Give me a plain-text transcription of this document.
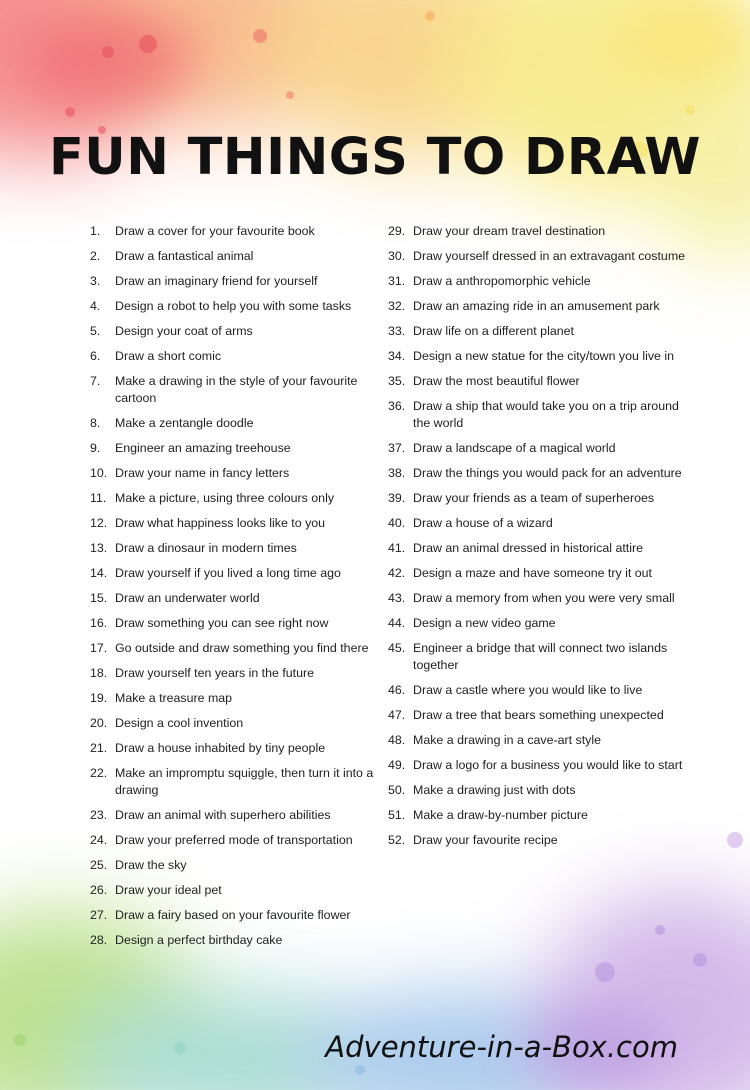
FUN THINGS TO DRAW
1.	Draw a cover for your favourite book
2.	Draw a fantastical animal
3.	Draw an imaginary friend for yourself
4.	Design a robot to help you with some tasks
5.	Design your coat of arms
6.	Draw a short comic
7.	Make a drawing in the style of your favourite cartoon
8.	Make a zentangle doodle
9.	Engineer an amazing treehouse
10. Draw your name in fancy letters
11. Make a picture, using three colours only
12. Draw what happiness looks like to you
13. Draw a dinosaur in modern times
14. Draw yourself if you lived a long time ago
15. Draw an underwater world
16. Draw something you can see right now
17. Go outside and draw something you find there
18. Draw yourself ten years in the future
19. Make a treasure map
20. Design a cool invention
21. Draw a house inhabited by tiny people
22. Make an impromptu squiggle, then turn it into a drawing
23. Draw an animal with superhero abilities
24. Draw your preferred mode of transportation
25. Draw the sky
26. Draw your ideal pet
27. Draw a fairy based on your favourite flower
28. Design a perfect birthday cake
29. Draw your dream travel destination
30. Draw yourself dressed in an extravagant costume
31. Draw a anthropomorphic vehicle
32. Draw an amazing ride in an amusement park
33. Draw life on a different planet
34. Design a new statue for the city/town you live in
35. Draw the most beautiful flower
36. Draw a ship that would take you on a trip around the world
37. Draw a landscape of a magical world
38. Draw the things you would pack for an adventure
39. Draw your friends as a team of superheroes
40. Draw a house of a wizard
41. Draw an animal dressed in historical attire
42. Design a maze and have someone try it out
43. Draw a memory from when you were very small
44. Design a new video game
45. Engineer a bridge that will connect two islands together
46. Draw a castle where you would like to live
47. Draw a tree that bears something unexpected
48. Make a drawing in a cave-art style
49. Draw a logo for a business you would like to start
50. Make a drawing just with dots
51. Make a draw-by-number picture
52. Draw your favourite recipe
Adventure-in-a-Box.com
